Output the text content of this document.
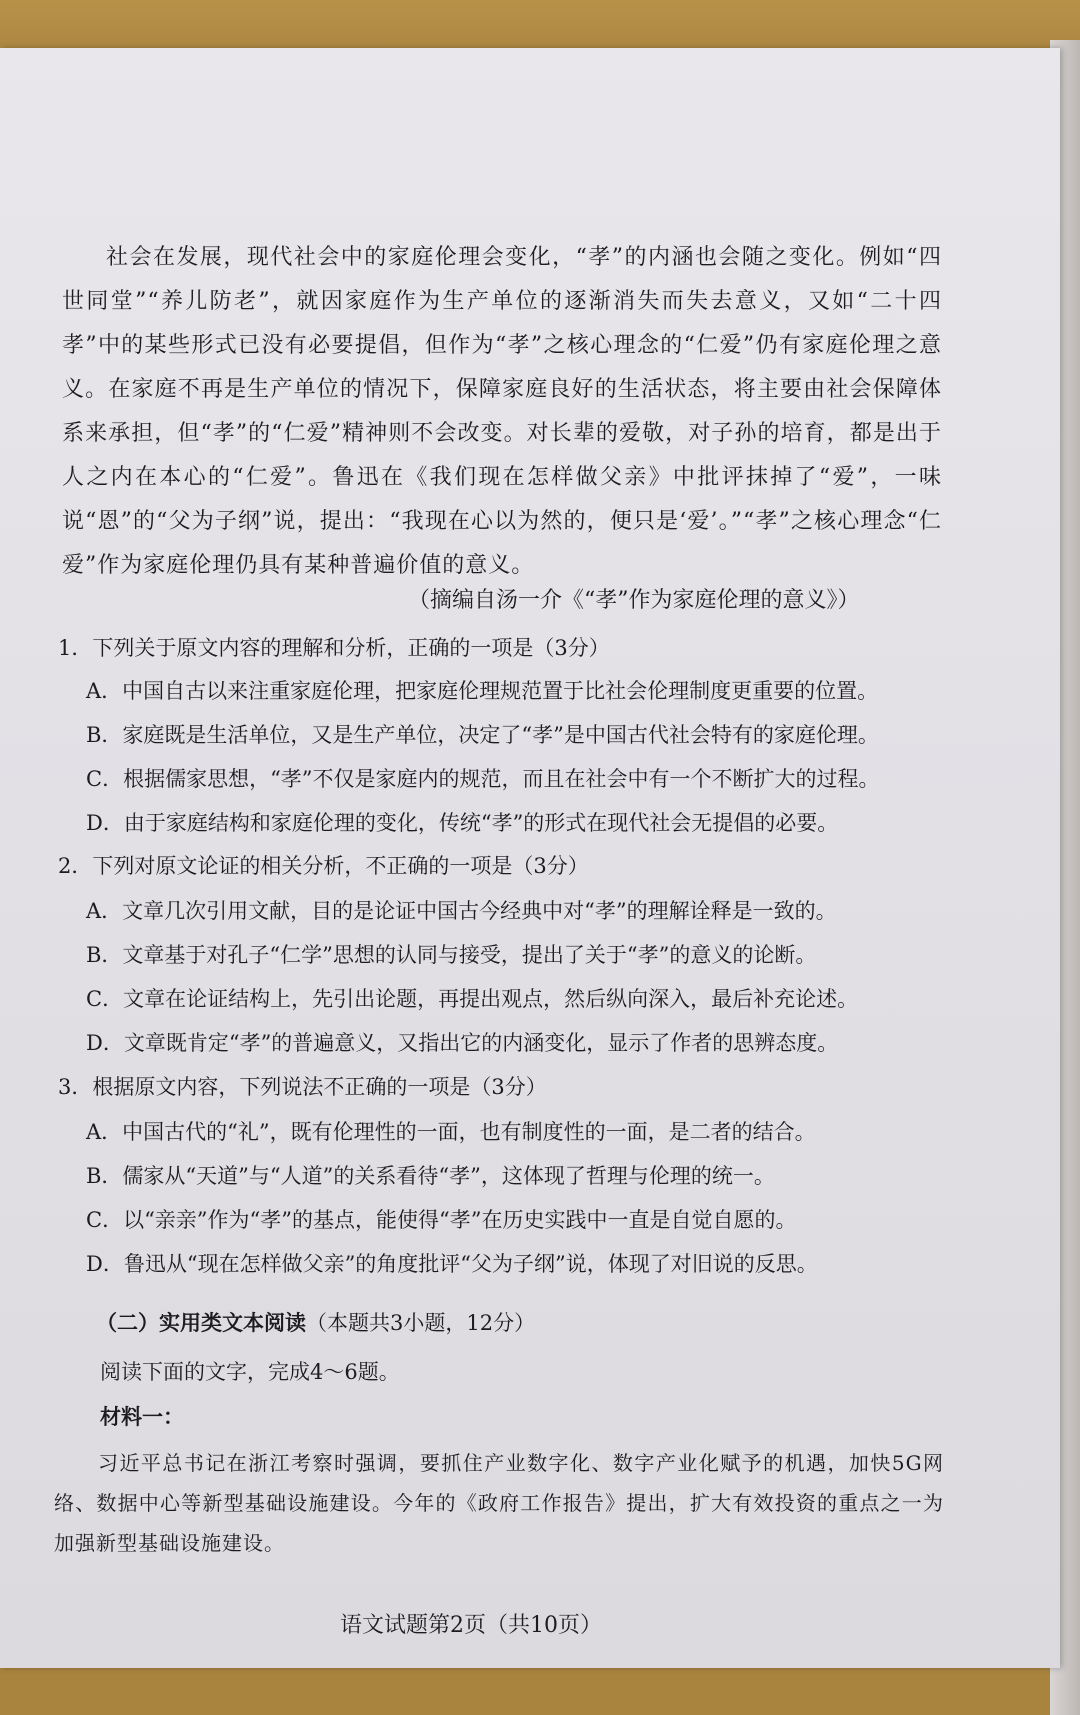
社会在发展，现代社会中的家庭伦理会变化，“孝”的内涵也会随之变化。例如“四世同堂”“养儿防老”，就因家庭作为生产单位的逐渐消失而失去意义，又如“二十四孝”中的某些形式已没有必要提倡，但作为“孝”之核心理念的“仁爱”仍有家庭伦理之意义。在家庭不再是生产单位的情况下，保障家庭良好的生活状态，将主要由社会保障体系来承担，但“孝”的“仁爱”精神则不会改变。对长辈的爱敬，对子孙的培育，都是出于人之内在本心的“仁爱”。鲁迅在《我们现在怎样做父亲》中批评抹掉了“爱”，一味说“恩”的“父为子纲”说，提出：“我现在心以为然的，便只是‘爱’。”“孝”之核心理念“仁爱”作为家庭伦理仍具有某种普遍价值的意义。

（摘编自汤一介《“孝”作为家庭伦理的意义》）
1．下列关于原文内容的理解和分析，正确的一项是（3分）
A．中国自古以来注重家庭伦理，把家庭伦理规范置于比社会伦理制度更重要的位置。
B．家庭既是生活单位，又是生产单位，决定了“孝”是中国古代社会特有的家庭伦理。
C．根据儒家思想，“孝”不仅是家庭内的规范，而且在社会中有一个不断扩大的过程。
D．由于家庭结构和家庭伦理的变化，传统“孝”的形式在现代社会无提倡的必要。
2．下列对原文论证的相关分析，不正确的一项是（3分）
A．文章几次引用文献，目的是论证中国古今经典中对“孝”的理解诠释是一致的。
B．文章基于对孔子“仁学”思想的认同与接受，提出了关于“孝”的意义的论断。
C．文章在论证结构上，先引出论题，再提出观点，然后纵向深入，最后补充论述。
D．文章既肯定“孝”的普遍意义，又指出它的内涵变化，显示了作者的思辨态度。
3．根据原文内容，下列说法不正确的一项是（3分）
A．中国古代的“礼”，既有伦理性的一面，也有制度性的一面，是二者的结合。
B．儒家从“天道”与“人道”的关系看待“孝”，这体现了哲理与伦理的统一。
C．以“亲亲”作为“孝”的基点，能使得“孝”在历史实践中一直是自觉自愿的。
D．鲁迅从“现在怎样做父亲”的角度批评“父为子纲”说，体现了对旧说的反思。
（二）实用类文本阅读（本题共3小题，12分）
阅读下面的文字，完成4～6题。
材料一：

习近平总书记在浙江考察时强调，要抓住产业数字化、数字产业化赋予的机遇，加快5G网络、数据中心等新型基础设施建设。今年的《政府工作报告》提出，扩大有效投资的重点之一为加强新型基础设施建设。

语文试题第2页（共10页）
